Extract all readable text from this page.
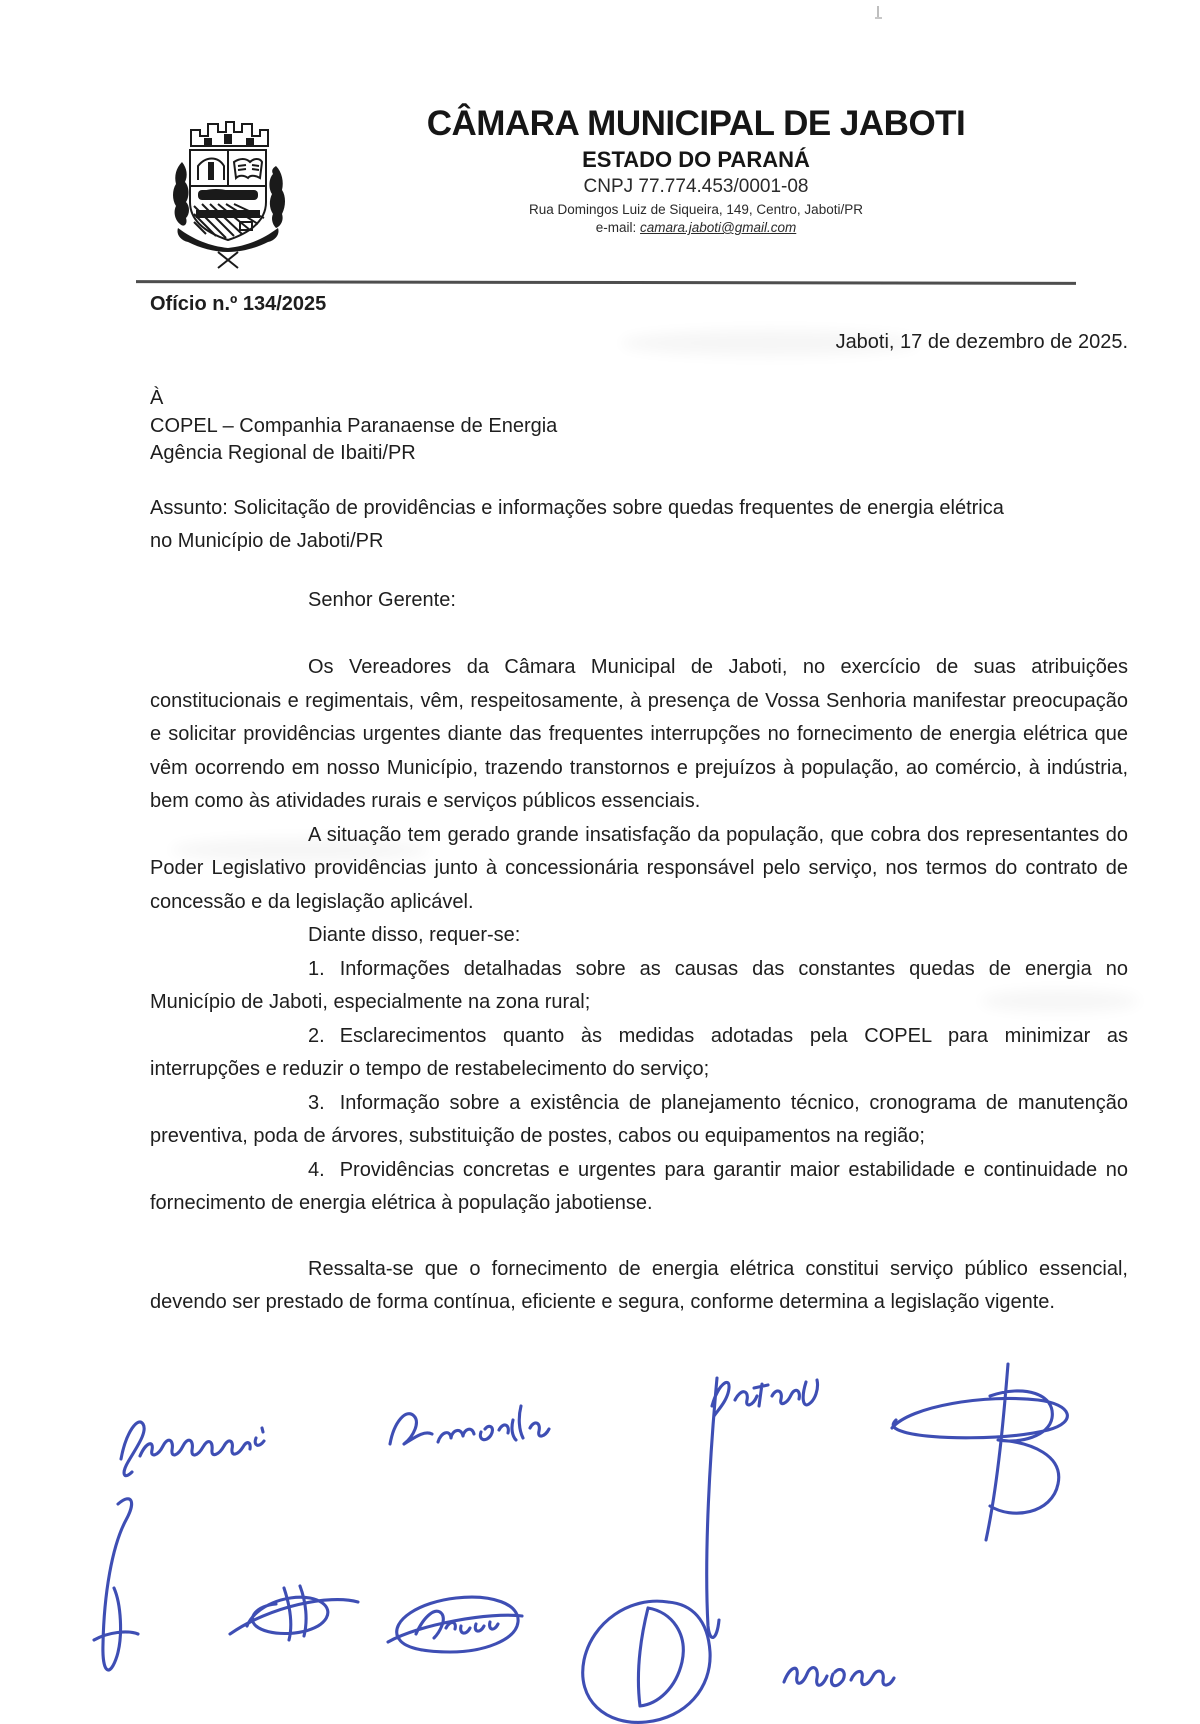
CÂMARA MUNICIPAL DE JABOTI
ESTADO DO PARANÁ
CNPJ 77.774.453/0001-08
Rua Domingos Luiz de Siqueira, 149, Centro, Jaboti/PR
e-mail: camara.jaboti@gmail.com
Ofício n.º 134/2025
Jaboti, 17 de dezembro de 2025.
À
COPEL – Companhia Paranaense de Energia
Agência Regional de Ibaiti/PR
Assunto: Solicitação de providências e informações sobre quedas frequentes de energia elétrica
no Município de Jaboti/PR
Senhor Gerente:

Os Vereadores da Câmara Municipal de Jaboti, no exercício de suas atribuições constitucionais e regimentais, vêm, respeitosamente, à presença de Vossa Senhoria manifestar preocupação e solicitar providências urgentes diante das frequentes interrupções no fornecimento de energia elétrica que vêm ocorrendo em nosso Município, trazendo transtornos e prejuízos à população, ao comércio, à indústria, bem como às atividades rurais e serviços públicos essenciais.

A situação tem gerado grande insatisfação da população, que cobra dos representantes do Poder Legislativo providências junto à concessionária responsável pelo serviço, nos termos do contrato de concessão e da legislação aplicável.

Diante disso, requer-se:

1. Informações detalhadas sobre as causas das constantes quedas de energia no Município de Jaboti, especialmente na zona rural;

2. Esclarecimentos quanto às medidas adotadas pela COPEL para minimizar as interrupções e reduzir o tempo de restabelecimento do serviço;

3. Informação sobre a existência de planejamento técnico, cronograma de manutenção preventiva, poda de árvores, substituição de postes, cabos ou equipamentos na região;

4. Providências concretas e urgentes para garantir maior estabilidade e continuidade no fornecimento de energia elétrica à população jabotiense.

Ressalta-se que o fornecimento de energia elétrica constitui serviço público essencial, devendo ser prestado de forma contínua, eficiente e segura, conforme determina a legislação vigente.
